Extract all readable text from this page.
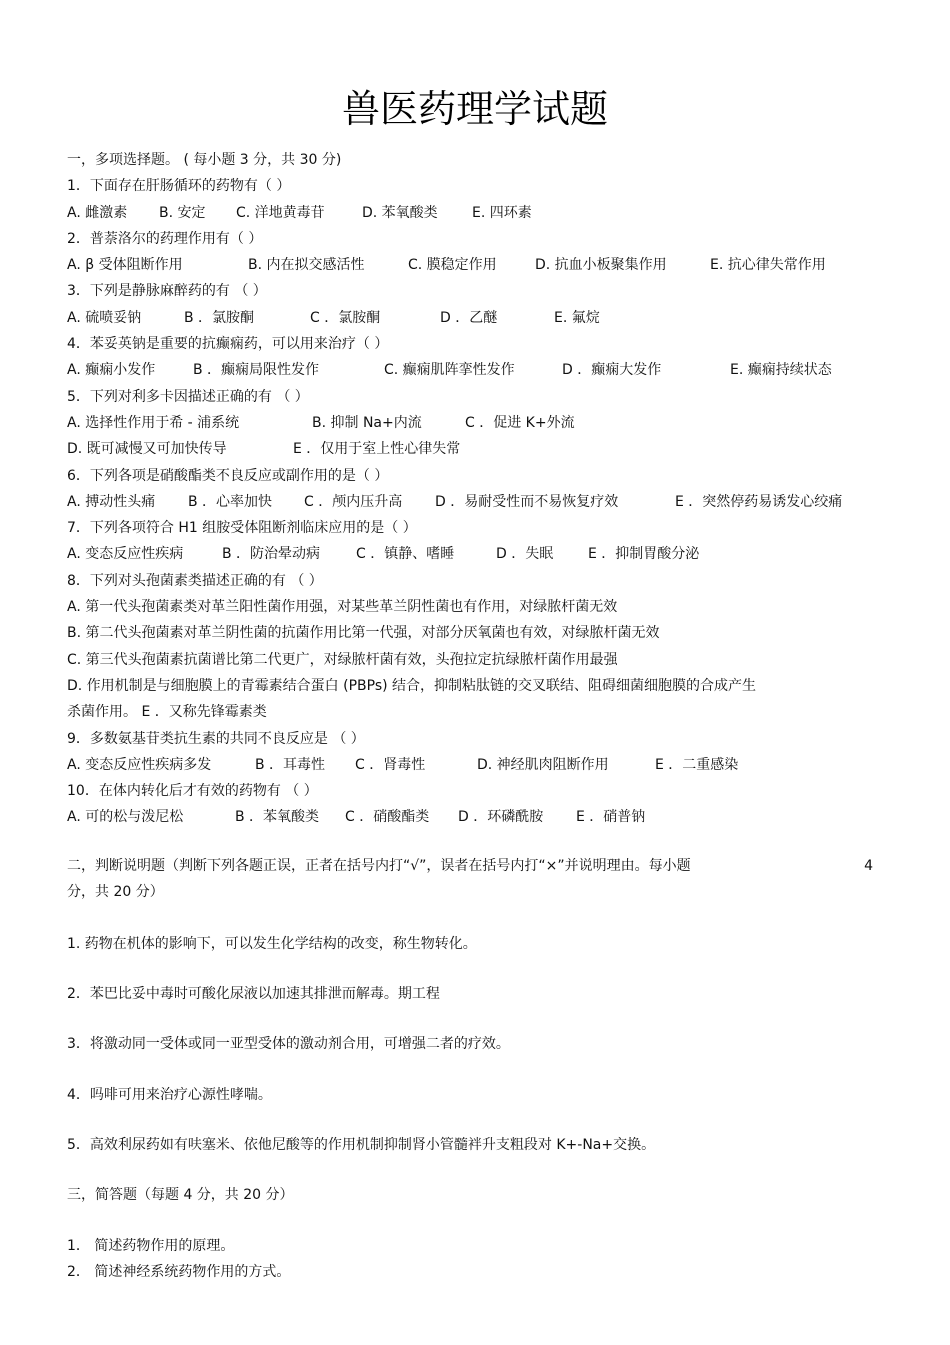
兽医药理学试题
一，多项选择题。 ( 每小题 3 分，共 30 分)
1．下面存在肝肠循环的药物有（ ）
A. 雌激素	B. 安定	C. 洋地黄毒苷	D. 苯氧酸类	E. 四环素
2．普萘洛尔的药理作用有（ ）
A. β 受体阻断作用	B. 内在拟交感活性	C. 膜稳定作用	D. 抗血小板聚集作用	E. 抗心律失常作用
3．下列是静脉麻醉药的有 （ ）
A. 硫喷妥钠	B ．氯胺酮	C ．氯胺酮	D ．乙醚	E. 氟烷
4．苯妥英钠是重要的抗癫痫药，可以用来治疗（ ）
A. 癫痫小发作	B ．癫痫局限性发作	C. 癫痫肌阵挛性发作	D ．癫痫大发作	E. 癫痫持续状态
5．下列对利多卡因描述正确的有 （ ）
A. 选择性作用于希 - 浦系统	B. 抑制 Na+内流	C ．促进 K+外流
D. 既可减慢又可加快传导	E ．仅用于室上性心律失常
6．下列各项是硝酸酯类不良反应或副作用的是（ ）
A. 搏动性头痛	B ．心率加快	C ．颅内压升高	D ．易耐受性而不易恢复疗效	E ．突然停药易诱发心绞痛
7．下列各项符合 H1 组胺受体阻断剂临床应用的是（ ）
A. 变态反应性疾病	B ．防治晕动病	C ．镇静、嗜睡	D ．失眠	E ．抑制胃酸分泌
8．下列对头孢菌素类描述正确的有 （ ）
A. 第一代头孢菌素类对革兰阳性菌作用强，对某些革兰阴性菌也有作用，对绿脓杆菌无效
B. 第二代头孢菌素对革兰阴性菌的抗菌作用比第一代强，对部分厌氧菌也有效，对绿脓杆菌无效
C. 第三代头孢菌素抗菌谱比第二代更广，对绿脓杆菌有效，头孢拉定抗绿脓杆菌作用最强
D. 作用机制是与细胞膜上的青霉素结合蛋白 (PBPs) 结合，抑制粘肽链的交叉联结、阻碍细菌细胞膜的合成产生
杀菌作用。 E ．又称先锋霉素类
9．多数氨基苷类抗生素的共同不良反应是 （ ）
A. 变态反应性疾病多发	B ．耳毒性	C ．肾毒性	D. 神经肌肉阻断作用	E ．二重感染
10．在体内转化后才有效的药物有 （ ）
A. 可的松与泼尼松	B ．苯氧酸类	C ．硝酸酯类	D ．环磷酰胺	E ．硝普钠
二，判断说明题（判断下列各题正误，正者在括号内打“√”，误者在括号内打“×”并说明理由。每小题	4
分，共 20 分）
1. 药物在机体的影响下，可以发生化学结构的改变，称生物转化。
2．苯巴比妥中毒时可酸化尿液以加速其排泄而解毒。期工程
3．将激动同一受体或同一亚型受体的激动剂合用，可增强二者的疗效。
4．吗啡可用来治疗心源性哮喘。
5．高效利尿药如有呋塞米、依他尼酸等的作用机制抑制肾小管髓袢升支粗段对 K+-Na+交换。
三，简答题（每题 4 分，共 20 分）
1． 简述药物作用的原理。
2． 简述神经系统药物作用的方式。
